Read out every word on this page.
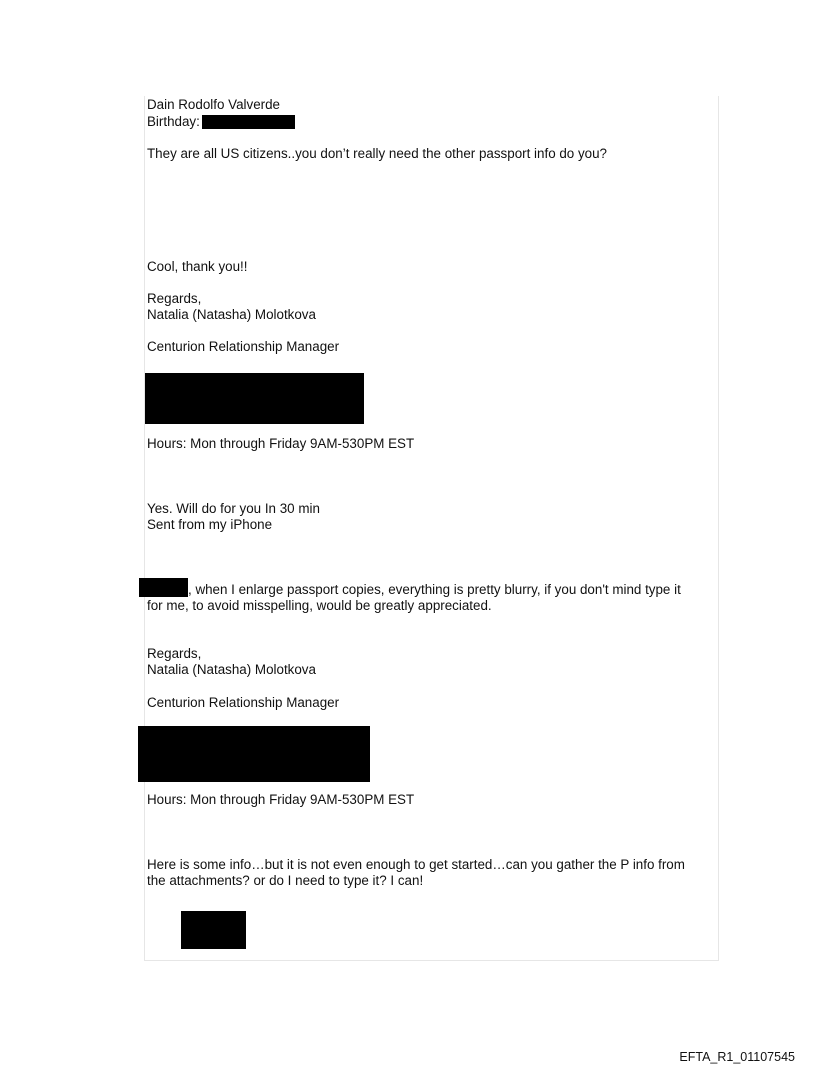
Dain Rodolfo Valverde
Birthday:
They are all US citizens..you don’t really need the other passport info do you?
Cool, thank you!!
Regards,
Natalia (Natasha) Molotkova
Centurion Relationship Manager
Hours: Mon through Friday 9AM-530PM EST
Yes. Will do for you In 30 min
Sent from my iPhone
, when I enlarge passport copies, everything is pretty blurry, if you don't mind type it
for me, to avoid misspelling, would be greatly appreciated.
Regards,
Natalia (Natasha) Molotkova
Centurion Relationship Manager
Hours: Mon through Friday 9AM-530PM EST
Here is some info…but it is not even enough to get started…can you gather the P info from
the attachments? or do I need to type it? I can!
EFTA_R1_01107545
